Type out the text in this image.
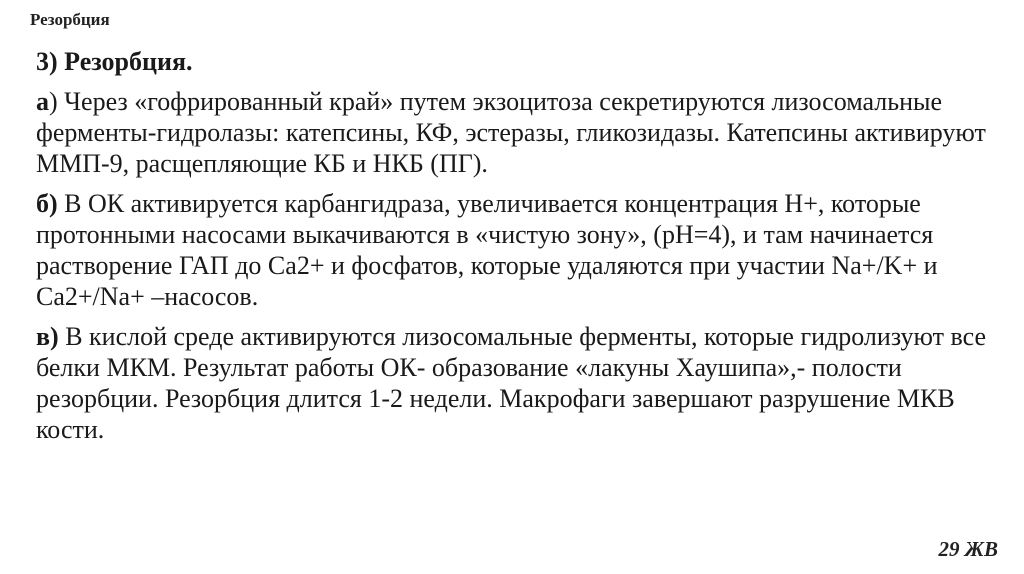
Резорбция
3) Резорбция.

а) Через «гофрированный край» путем экзоцитоза секретируются лизосомальные ферменты-гидролазы: катепсины, КФ, эстеразы, гликозидазы. Катепсины активируют ММП-9, расщепляющие КБ и НКБ (ПГ).

б) В ОК активируется карбангидраза, увеличивается концентрация Н+, которые протонными насосами выкачиваются в «чистую зону», (рН=4), и там начинается растворение ГАП до Са2+ и фосфатов, которые удаляются при участии Na+/K+ и Са2+/Na+ –насосов.

в) В кислой среде активируются лизосомальные ферменты, которые гидролизуют все белки МКМ. Результат работы ОК- образование «лакуны Хаушипа»,- полости резорбции. Резорбция длится 1-2 недели. Макрофаги завершают разрушение МКВ кости.

29 ЖВ
